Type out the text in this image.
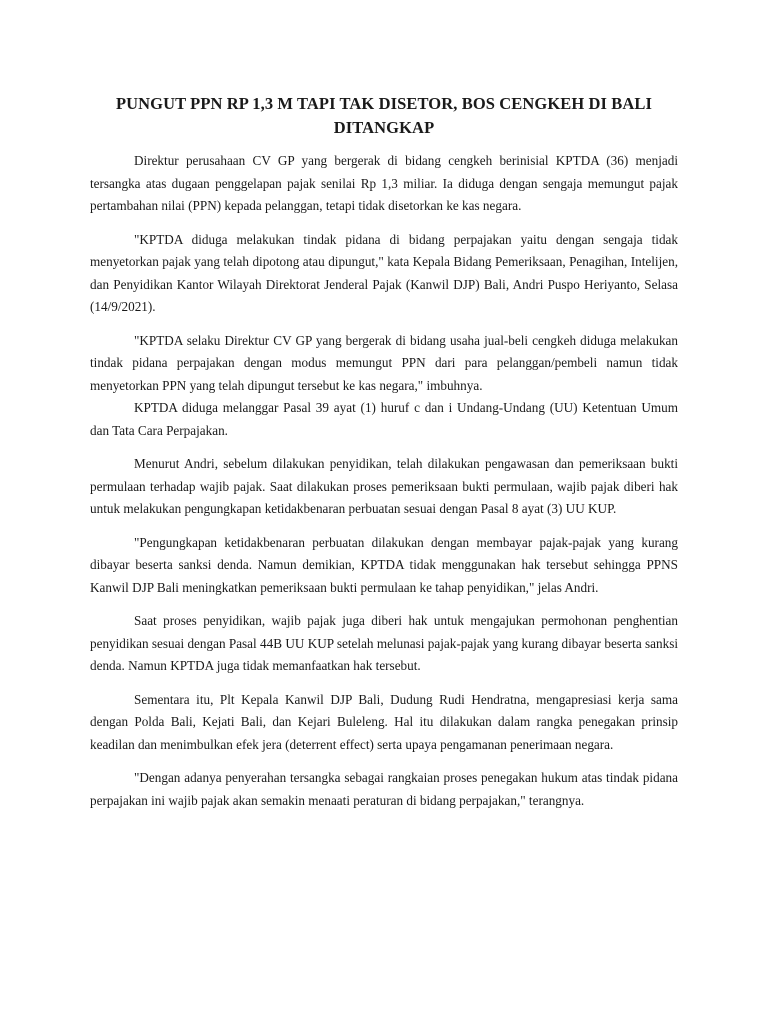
PUNGUT PPN RP 1,3 M TAPI TAK DISETOR, BOS CENGKEH DI BALI DITANGKAP

Direktur perusahaan CV GP yang bergerak di bidang cengkeh berinisial KPTDA (36) menjadi tersangka atas dugaan penggelapan pajak senilai Rp 1,3 miliar. Ia diduga dengan sengaja memungut pajak pertambahan nilai (PPN) kepada pelanggan, tetapi tidak disetorkan ke kas negara.

"KPTDA diduga melakukan tindak pidana di bidang perpajakan yaitu dengan sengaja tidak menyetorkan pajak yang telah dipotong atau dipungut," kata Kepala Bidang Pemeriksaan, Penagihan, Intelijen, dan Penyidikan Kantor Wilayah Direktorat Jenderal Pajak (Kanwil DJP) Bali, Andri Puspo Heriyanto, Selasa (14/9/2021).

"KPTDA selaku Direktur CV GP yang bergerak di bidang usaha jual-beli cengkeh diduga melakukan tindak pidana perpajakan dengan modus memungut PPN dari para pelanggan/pembeli namun tidak menyetorkan PPN yang telah dipungut tersebut ke kas negara," imbuhnya.

KPTDA diduga melanggar Pasal 39 ayat (1) huruf c dan i Undang-Undang (UU) Ketentuan Umum dan Tata Cara Perpajakan.

Menurut Andri, sebelum dilakukan penyidikan, telah dilakukan pengawasan dan pemeriksaan bukti permulaan terhadap wajib pajak. Saat dilakukan proses pemeriksaan bukti permulaan, wajib pajak diberi hak untuk melakukan pengungkapan ketidakbenaran perbuatan sesuai dengan Pasal 8 ayat (3) UU KUP.

"Pengungkapan ketidakbenaran perbuatan dilakukan dengan membayar pajak-pajak yang kurang dibayar beserta sanksi denda. Namun demikian, KPTDA tidak menggunakan hak tersebut sehingga PPNS Kanwil DJP Bali meningkatkan pemeriksaan bukti permulaan ke tahap penyidikan," jelas Andri.

Saat proses penyidikan, wajib pajak juga diberi hak untuk mengajukan permohonan penghentian penyidikan sesuai dengan Pasal 44B UU KUP setelah melunasi pajak-pajak yang kurang dibayar beserta sanksi denda. Namun KPTDA juga tidak memanfaatkan hak tersebut.

Sementara itu, Plt Kepala Kanwil DJP Bali, Dudung Rudi Hendratna, mengapresiasi kerja sama dengan Polda Bali, Kejati Bali, dan Kejari Buleleng. Hal itu dilakukan dalam rangka penegakan prinsip keadilan dan menimbulkan efek jera (deterrent effect) serta upaya pengamanan penerimaan negara.

"Dengan adanya penyerahan tersangka sebagai rangkaian proses penegakan hukum atas tindak pidana perpajakan ini wajib pajak akan semakin menaati peraturan di bidang perpajakan," terangnya.
